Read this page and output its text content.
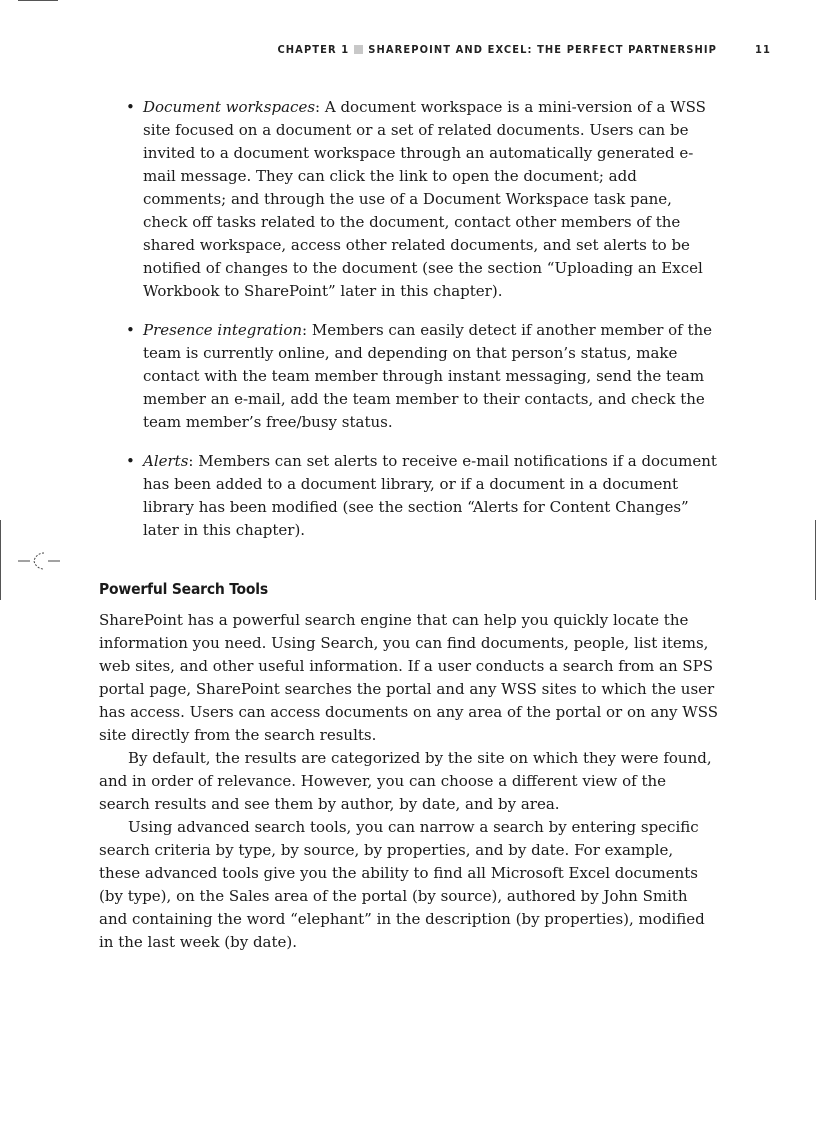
CHAPTER 1 SHAREPOINT AND EXCEL: THE PERFECT PARTNERSHIP	11
• Document workspaces: A document workspace is a mini-version of a WSS site focused on a document or a set of related documents. Users can be invited to a document workspace through an automatically generated e-mail message. They can click the link to open the document; add comments; and through the use of a Document Workspace task pane, check off tasks related to the document, contact other members of the shared workspace, access other related documents, and set alerts to be notified of changes to the document (see the section “Uploading an Excel Workbook to SharePoint” later in this chapter).
• Presence integration: Members can easily detect if another member of the team is currently online, and depending on that person’s status, make contact with the team member through instant messaging, send the team member an e-mail, add the team member to their contacts, and check the team member’s free/busy status.
• Alerts: Members can set alerts to receive e-mail notifications if a document has been added to a document library, or if a document in a document library has been modified (see the section “Alerts for Content Changes” later in this chapter).
Powerful Search Tools

SharePoint has a powerful search engine that can help you quickly locate the information you need. Using Search, you can find documents, people, list items, web sites, and other useful information. If a user conducts a search from an SPS portal page, SharePoint searches the portal and any WSS sites to which the user has access. Users can access documents on any area of the portal or on any WSS site directly from the search results.

By default, the results are categorized by the site on which they were found, and in order of relevance. However, you can choose a different view of the search results and see them by author, by date, and by area.

Using advanced search tools, you can narrow a search by entering specific search criteria by type, by source, by properties, and by date. For example, these advanced tools give you the ability to find all Microsoft Excel documents (by type), on the Sales area of the portal (by source), authored by John Smith and containing the word “elephant” in the description (by properties), modified in the last week (by date).
